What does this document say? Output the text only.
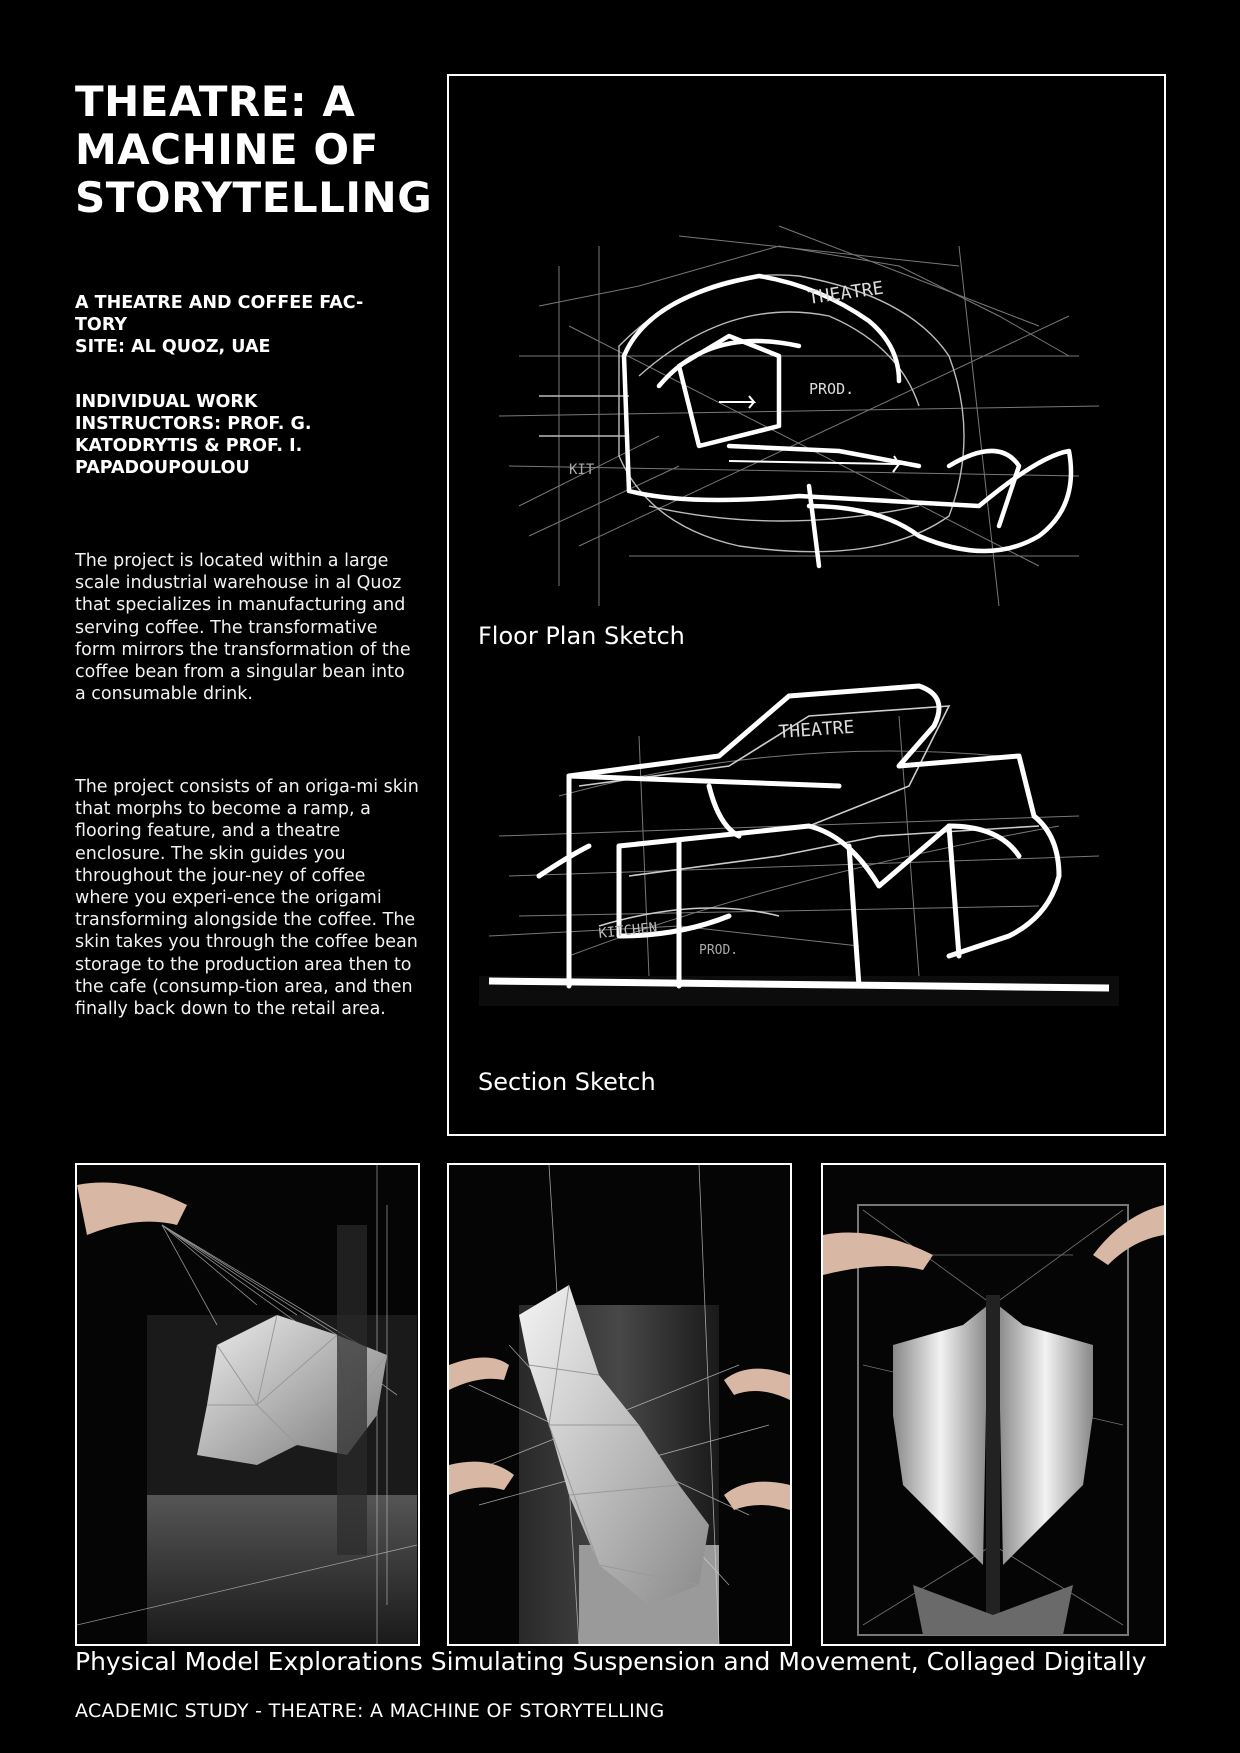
THEATRE: A
MACHINE OF
STORYTELLING
A THEATRE AND COFFEE FAC-
TORY
SITE: AL QUOZ, UAE
INDIVIDUAL WORK
INSTRUCTORS: PROF. G.
KATODRYTIS & PROF. I.
PAPADOUPOULOU

The project is located within a large scale industrial warehouse in al Quoz that specializes in manufacturing and serving coffee. The transformative form mirrors the transformation of the coffee bean from a singular bean into a consumable drink.

The project consists of an origa-mi skin that morphs to become a ramp, a flooring feature, and a theatre enclosure. The skin guides you throughout the jour-ney of coffee where you experi-ence the origami transforming alongside the coffee. The skin takes you through the coffee bean storage to the production area then to the cafe (consump-tion area, and then finally back down to the retail area.

THEATRE
PROD.
KIT
Floor Plan Sketch
THEATRE
KITCHEN
PROD.
Section Sketch
Physical Model Explorations Simulating Suspension and Movement, Collaged Digitally
ACADEMIC STUDY - THEATRE: A MACHINE OF STORYTELLING
